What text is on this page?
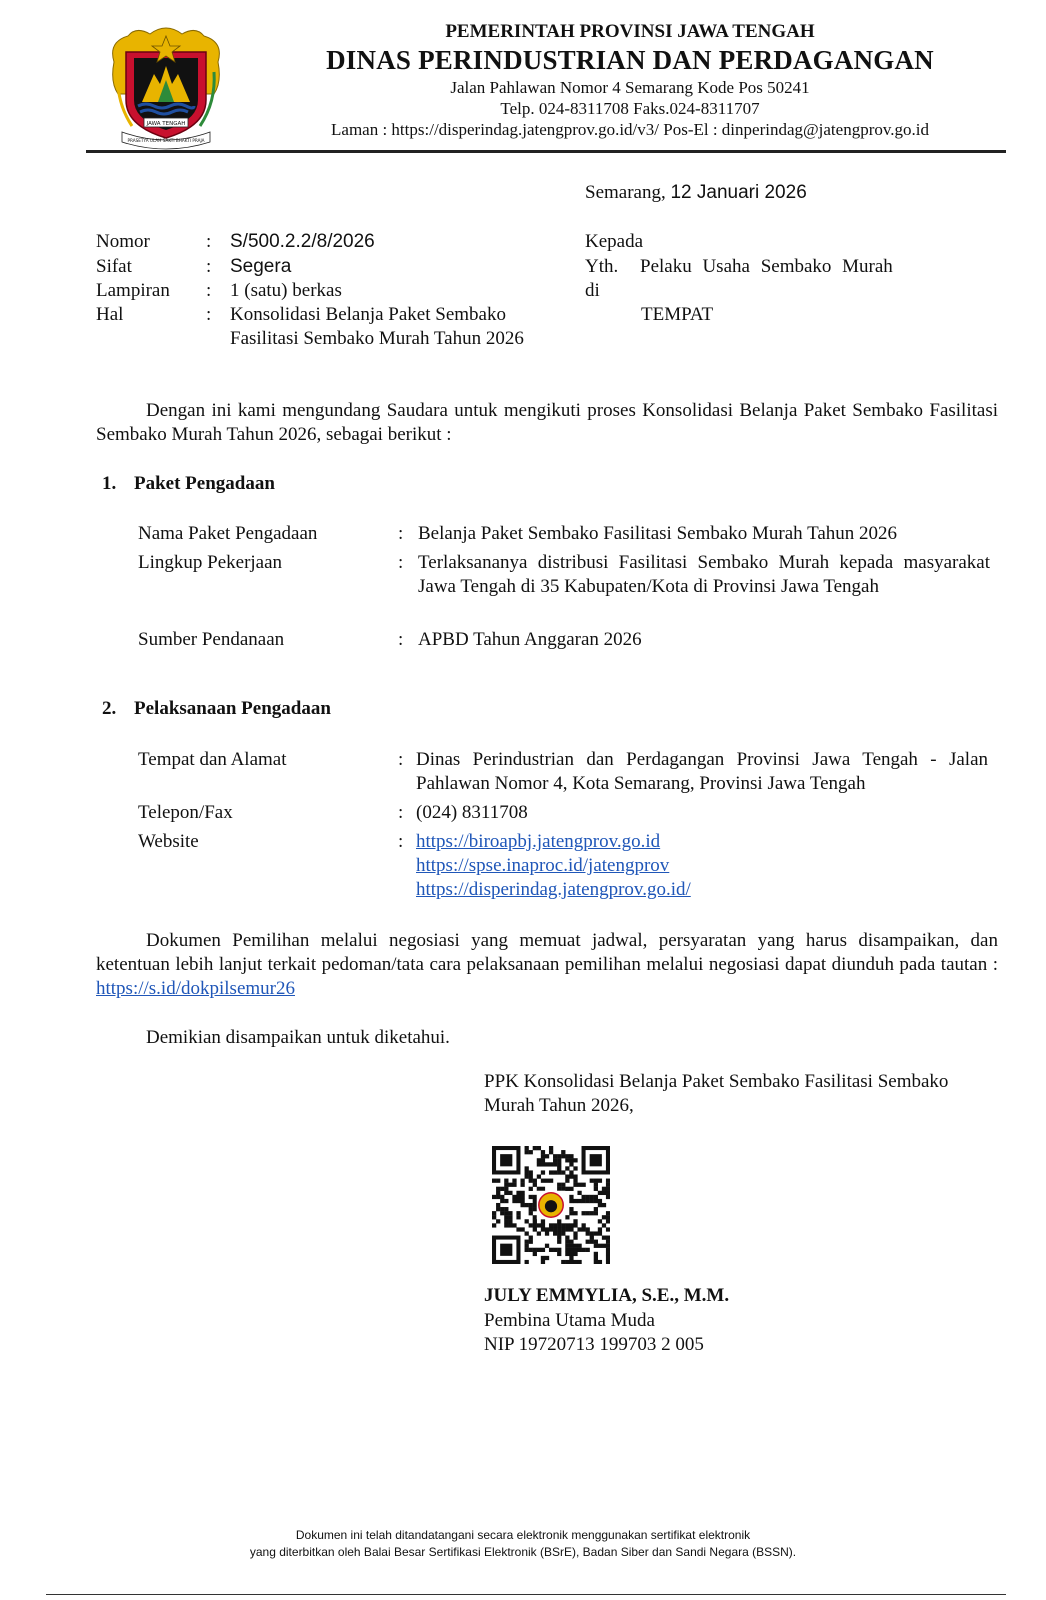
JAWA TENGAH
PRASETYA ULAH SAKTI BHAKTI PRAJA
PEMERINTAH PROVINSI JAWA TENGAH
DINAS PERINDUSTRIAN DAN PERDAGANGAN
Jalan Pahlawan Nomor 4 Semarang Kode Pos 50241
Telp. 024-8311708 Faks.024-8311707
Laman : https://disperindag.jatengprov.go.id/v3/ Pos-El : dinperindag@jatengprov.go.id
Semarang, 12 Januari 2026
Nomor	: S/500.2.2/8/2026
Sifat	: Segera
Lampiran	: 1 (satu) berkas
Hal	: Konsolidasi Belanja Paket Sembako Fasilitasi Sembako Murah Tahun 2026
Kepada
Yth. Pelaku Usaha Sembako Murah
di
TEMPAT

Dengan ini kami mengundang Saudara untuk mengikuti proses Konsolidasi Belanja Paket Sembako Fasilitasi Sembako Murah Tahun 2026, sebagai berikut :

1. Paket Pengadaan
Nama Paket Pengadaan	: Belanja Paket Sembako Fasilitasi Sembako Murah Tahun 2026
Lingkup Pekerjaan	: Terlaksananya distribusi Fasilitasi Sembako Murah kepada masyarakat Jawa Tengah di 35 Kabupaten/Kota di Provinsi Jawa Tengah
Sumber Pendanaan	: APBD Tahun Anggaran 2026
2. Pelaksanaan Pengadaan
Tempat dan Alamat	: Dinas Perindustrian dan Perdagangan Provinsi Jawa Tengah - Jalan Pahlawan Nomor 4, Kota Semarang, Provinsi Jawa Tengah
Telepon/Fax	: (024) 8311708
Website	: https://biroapbj.jatengprov.go.id
https://spse.inaproc.id/jatengprov
https://disperindag.jatengprov.go.id/

Dokumen Pemilihan melalui negosiasi yang memuat jadwal, persyaratan yang harus disampaikan, dan ketentuan lebih lanjut terkait pedoman/tata cara pelaksanaan pemilihan melalui negosiasi dapat diunduh pada tautan : https://s.id/dokpilsemur26

Demikian disampaikan untuk diketahui.
PPK Konsolidasi Belanja Paket Sembako Fasilitasi Sembako Murah Tahun 2026,
JULY EMMYLIA, S.E., M.M.
Pembina Utama Muda
NIP 19720713 199703 2 005
Dokumen ini telah ditandatangani secara elektronik menggunakan sertifikat elektronik
yang diterbitkan oleh Balai Besar Sertifikasi Elektronik (BSrE), Badan Siber dan Sandi Negara (BSSN).
